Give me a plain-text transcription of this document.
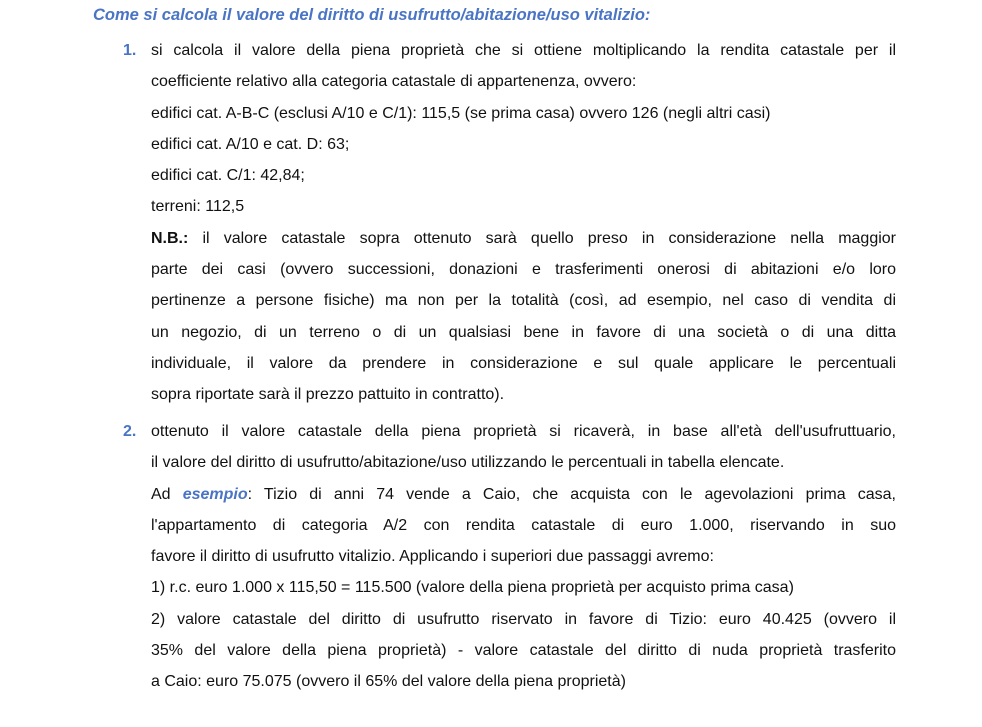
Come si calcola il valore del diritto di usufrutto/abitazione/uso vitalizio:
1. si calcola il valore della piena proprietà che si ottiene moltiplicando la rendita catastale per il
coefficiente relativo alla categoria catastale di appartenenza, ovvero:
edifici cat. A-B-C (esclusi A/10 e C/1): 115,5 (se prima casa) ovvero 126 (negli altri casi)
edifici cat. A/10 e cat. D: 63;
edifici cat. C/1: 42,84;
terreni: 112,5
N.B.: il valore catastale sopra ottenuto sarà quello preso in considerazione nella maggior
parte dei casi (ovvero successioni, donazioni e trasferimenti onerosi di abitazioni e/o loro
pertinenze a persone fisiche) ma non per la totalità (così, ad esempio, nel caso di vendita di
un negozio, di un terreno o di un qualsiasi bene in favore di una società o di una ditta
individuale, il valore da prendere in considerazione e sul quale applicare le percentuali
sopra riportate sarà il prezzo pattuito in contratto).
2. ottenuto il valore catastale della piena proprietà si ricaverà, in base all'età dell'usufruttuario,
il valore del diritto di usufrutto/abitazione/uso utilizzando le percentuali in tabella elencate.
Ad esempio: Tizio di anni 74 vende a Caio, che acquista con le agevolazioni prima casa,
l'appartamento di categoria A/2 con rendita catastale di euro 1.000, riservando in suo
favore il diritto di usufrutto vitalizio. Applicando i superiori due passaggi avremo:
1) r.c. euro 1.000 x 115,50 = 115.500 (valore della piena proprietà per acquisto prima casa)
2) valore catastale del diritto di usufrutto riservato in favore di Tizio: euro 40.425 (ovvero il
35% del valore della piena proprietà) - valore catastale del diritto di nuda proprietà trasferito
a Caio: euro 75.075 (ovvero il 65% del valore della piena proprietà)
